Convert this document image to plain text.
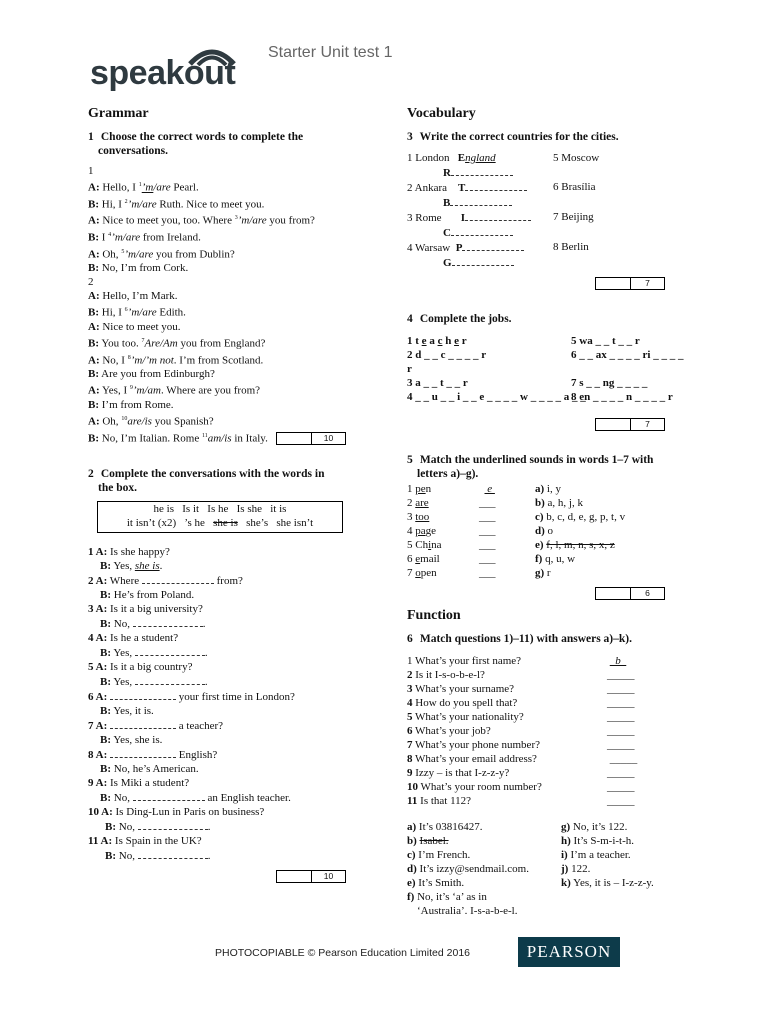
speakout
Starter Unit test 1
Grammar
1 Choose the correct words to complete the
conversations.
1
A: Hello, I $^1$’m/are Pearl.
B: Hi, I $^2$’m/are Ruth. Nice to meet you.
A: Nice to meet you, too. Where $^3$’m/are you from?
B: I $^4$’m/are from Ireland.
A: Oh, $^5$’m/are you from Dublin?
B: No, I’m from Cork.
2
A: Hello, I’m Mark.
B: Hi, I $^6$’m/are Edith.
A: Nice to meet you.
B: You too. $^7$Are/Am you from England?
A: No, I $^8$’m/’m not. I’m from Scotland.
B: Are you from Edinburgh?
A: Yes, I $^9$’m/am. Where are you from?
B: I’m from Rome.
A: Oh, $^{10}$are/is you Spanish?
B: No, I’m Italian. Rome $^{11}$am/is in Italy.	10
2 Complete the conversations with the words in
the box.
he is   Is it   Is he   Is she   it is
it isn’t (x2)   ’s he   she is   she’s   she isn’t
1 A: Is she happy?
B: Yes, she is.
2 A: Where	from?
B: He’s from Poland.
3 A: Is it a big university?
B: No,	.
4 A: Is he a student?
B: Yes,	.
5 A: Is it a big country?
B: Yes,	.
6 A:	your first time in London?
B: Yes, it is.
7 A:	a teacher?
B: Yes, she is.
8 A:	English?
B: No, he’s American.
9 A: Is Miki a student?
B: No,	an English teacher.
10 A: Is Ding-Lun in Paris on business?
B: No,	.
11 A: Is Spain in the UK?
B: No,	.
10
Vocabulary
3 Write the correct countries for the cities.
1 London   England	5 Moscow
R
2 Ankara    T	6 Brasília
B
3 Rome       I	7 Beijing
C
4 Warsaw  P	8 Berlin
G
7
4 Complete the jobs.
1 t e a c h e r	5 wa _ _ t _ _ r
2 d _ _ c _ _ _ _ r	6 _ _ ax _ _ _ _ ri _ _ _ _
r
3 a _ _ t _ _ r	7 s _ _ ng _ _ _ _
4 _ _ u _ _ i _ _ e _ _ _ _ w _ _ _ _ a _ _
8 en _ _ _ _ n _ _ _ _ r
7
5 Match the underlined sounds in words 1–7 with
letters a)–g).
1 pen	e	a) i, y
2 are	___	b) a, h, j, k
3 too	___	c) b, c, d, e, g, p, t, v
4 page	___	d) o
5 China	___	e) f, l, m, n, s, x, z
6 email	___	f) q, u, w
7 open	___	g) r
6
Function
6 Match questions 1)–11) with answers a)–k).
1 What’s your first name?	b
2 Is it I-s-o-b-e-l?	_____
3 What’s your surname?	_____
4 How do you spell that?	_____
5 What’s your nationality?	_____
6 What’s your job?	_____
7 What’s your phone number?	_____
8 What’s your email address?	_____
9 Izzy – is that I-z-z-y?	_____
10 What’s your room number?	_____
11 Is that 112?	_____
a) It’s 03816427.	g) No, it’s 122.
b) Isabel.	h) It’s S-m-i-t-h.
c) I’m French.	i) I’m a teacher.
d) It’s izzy@sendmail.com.	j) 122.
e) It’s Smith.	k) Yes, it is – I-z-z-y.
f) No, it’s ‘a’ as in
‘Australia’. I-s-a-b-e-l.
PHOTOCOPIABLE © Pearson Education Limited 2016	PEARSON
